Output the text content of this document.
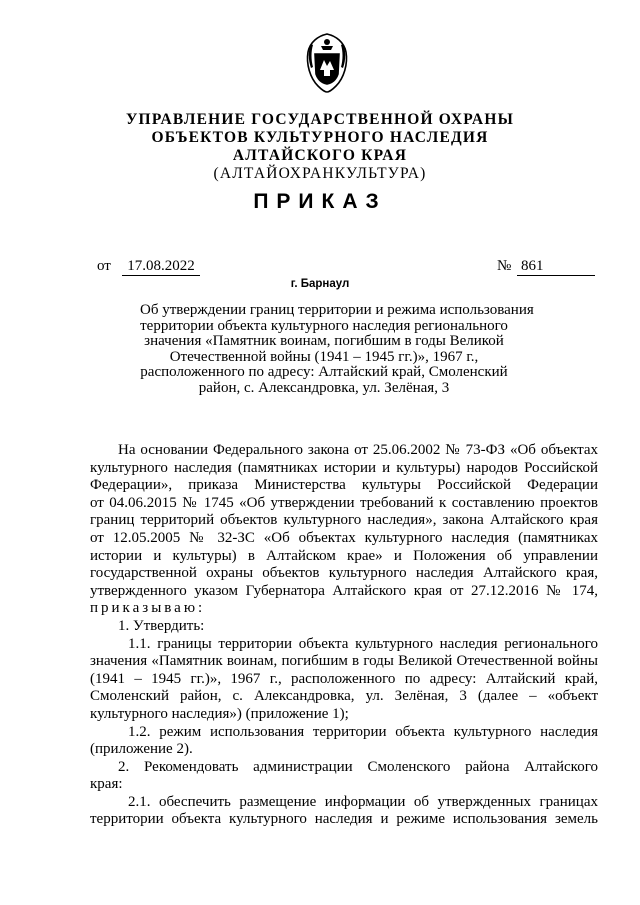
УПРАВЛЕНИЕ ГОСУДАРСТВЕННОЙ ОХРАНЫ
ОБЪЕКТОВ КУЛЬТУРНОГО НАСЛЕДИЯ
АЛТАЙСКОГО КРАЯ
(АЛТАЙОХРАНКУЛЬТУРА)
ПРИКАЗ
от	17.08.2022	№ 861
г. Барнаул
Об утверждении границ территории и режима использования
территории объекта культурного наследия регионального
значения «Памятник воинам, погибшим в годы Великой
Отечественной войны (1941 – 1945 гг.)», 1967 г.,
расположенного по адресу: Алтайский край, Смоленский
район, с. Александровка, ул. Зелёная, 3

На основании Федерального закона от 25.06.2002 № 73-ФЗ «Об объектах

культурного наследия (памятниках истории и культуры) народов Российской

Федерации», приказа Министерства культуры Российской Федерации

от 04.06.2015 № 1745 «Об утверждении требований к составлению проектов

границ территорий объектов культурного наследия», закона Алтайского края

от 12.05.2005 № 32-ЗС «Об объектах культурного наследия (памятниках

истории и культуры) в Алтайском крае» и Положения об управлении

государственной охраны объектов культурного наследия Алтайского края,

утвержденного указом Губернатора Алтайского края от 27.12.2016 № 174,

приказываю:

1. Утвердить:

1.1. границы территории объекта культурного наследия регионального

значения «Памятник воинам, погибшим в годы Великой Отечественной войны

(1941 – 1945 гг.)», 1967 г., расположенного по адресу: Алтайский край,

Смоленский район, с. Александровка, ул. Зелёная, 3 (далее – «объект

культурного наследия») (приложение 1);

1.2. режим использования территории объекта культурного наследия

(приложение 2).

2. Рекомендовать администрации Смоленского района Алтайского

края:

2.1. обеспечить размещение информации об утвержденных границах

территории объекта культурного наследия и режиме использования земель
